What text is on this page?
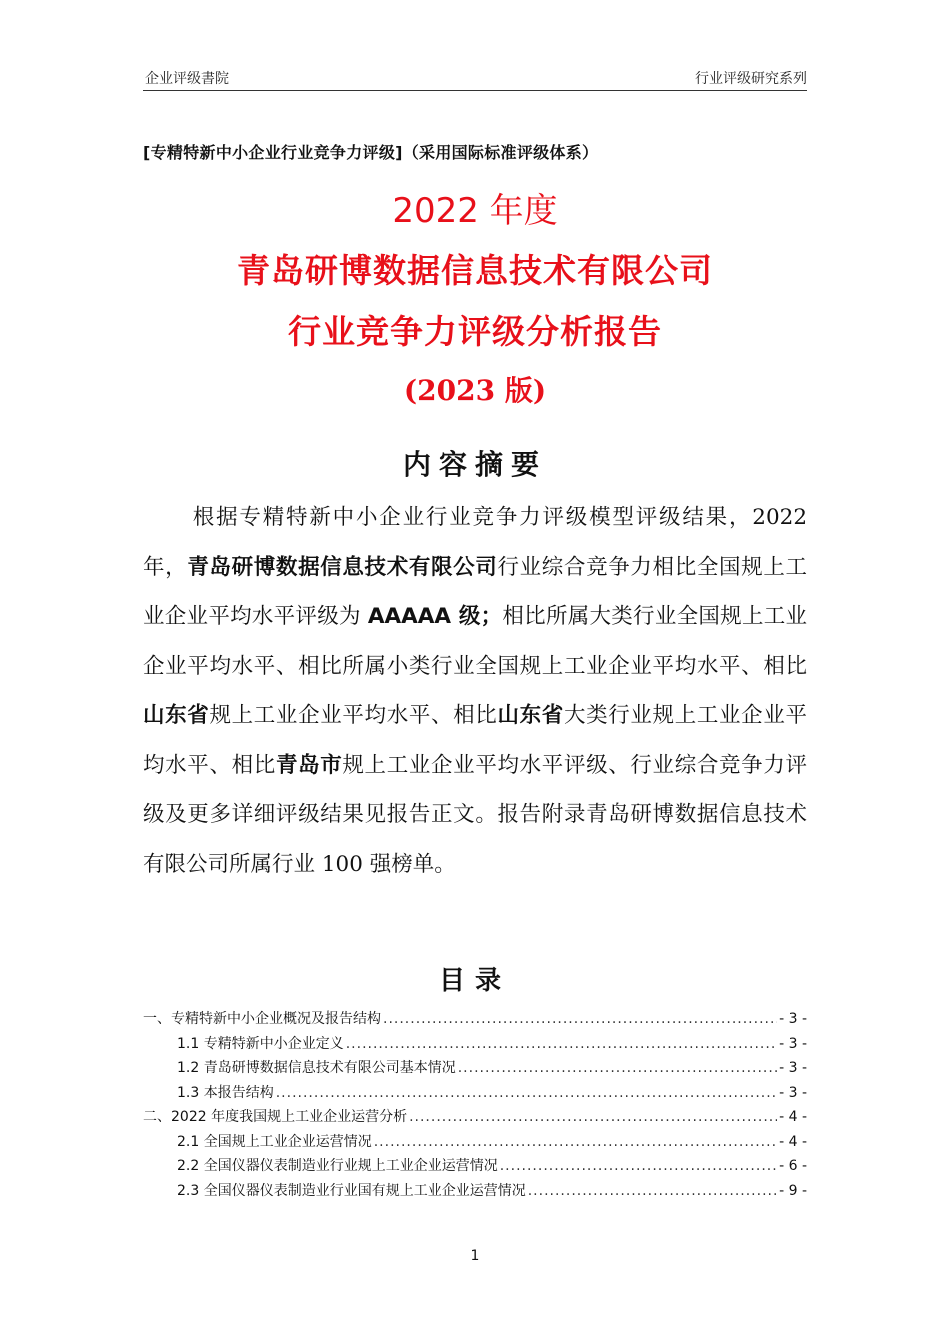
企业评级書院	行业评级研究系列
[专精特新中小企业行业竞争力评级]（采用国际标准评级体系）
2022 年度
青岛研博数据信息技术有限公司
行业竞争力评级分析报告
(2023 版)
内容摘要
根据专精特新中小企业行业竞争力评级模型评级结果，2022 年，青岛研博数据信息技术有限公司行业综合竞争力相比全国规上工业企业平均水平评级为 AAAAA 级；相比所属大类行业全国规上工业企业平均水平、相比所属小类行业全国规上工业企业平均水平、相比山东省规上工业企业平均水平、相比山东省大类行业规上工业企业平均水平、相比青岛市规上工业企业平均水平评级、行业综合竞争力评级及更多详细评级结果见报告正文。报告附录青岛研博数据信息技术有限公司所属行业 100 强榜单。
目录
一、专精特新中小企业概况及报告结构 .....	- 3 -
1.1 专精特新中小企业定义 .....	- 3 -
1.2 青岛研博数据信息技术有限公司基本情况 .....	- 3 -
1.3 本报告结构 .....	- 3 -
二、2022 年度我国规上工业企业运营分析 .....	- 4 -
2.1 全国规上工业企业运营情况 .....	- 4 -
2.2 全国仪器仪表制造业行业规上工业企业运营情况 .....	- 6 -
2.3 全国仪器仪表制造业行业国有规上工业企业运营情况 .....	- 9 -
1
